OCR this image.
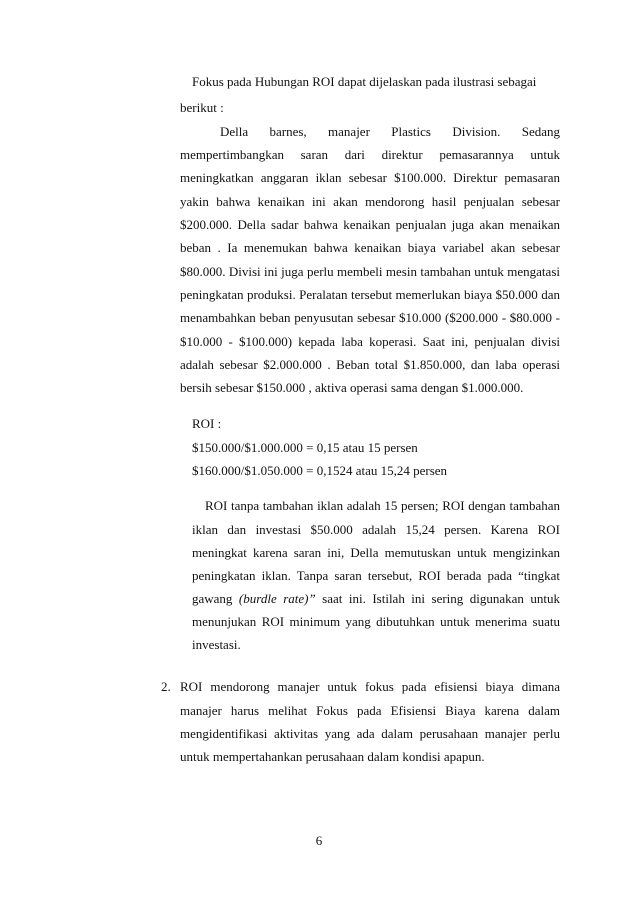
Fokus pada Hubungan ROI dapat dijelaskan pada ilustrasi sebagai
berikut :
Della barnes, manajer Plastics Division. Sedang
mempertimbangkan saran dari direktur pemasarannya untuk
meningkatkan anggaran iklan sebesar $100.000. Direktur pemasaran
yakin bahwa kenaikan ini akan mendorong hasil penjualan sebesar
$200.000. Della sadar bahwa kenaikan penjualan juga akan menaikan
beban . Ia menemukan bahwa kenaikan biaya variabel akan sebesar
$80.000. Divisi ini juga perlu membeli mesin tambahan untuk mengatasi
peningkatan produksi. Peralatan tersebut memerlukan biaya $50.000 dan
menambahkan beban penyusutan sebesar $10.000 ($200.000 - $80.000 -
$10.000 - $100.000) kepada laba koperasi. Saat ini, penjualan divisi
adalah sebesar $2.000.000 . Beban total $1.850.000, dan laba operasi
bersih sebesar $150.000 , aktiva operasi sama dengan $1.000.000.
ROI :
$150.000/$1.000.000 = 0,15 atau 15 persen
$160.000/$1.050.000 = 0,1524 atau 15,24 persen
ROI tanpa tambahan iklan adalah 15 persen; ROI dengan tambahan
iklan dan investasi $50.000 adalah 15,24 persen. Karena ROI
meningkat karena saran ini, Della memutuskan untuk mengizinkan
peningkatan iklan. Tanpa saran tersebut, ROI berada pada “tingkat
gawang (burdle rate)” saat ini. Istilah ini sering digunakan untuk
menunjukan ROI minimum yang dibutuhkan untuk menerima suatu
investasi.
2. ROI mendorong manajer untuk fokus pada efisiensi biaya dimana
manajer harus melihat Fokus pada Efisiensi Biaya karena dalam
mengidentifikasi aktivitas yang ada dalam perusahaan manajer perlu
untuk mempertahankan perusahaan dalam kondisi apapun.
6
